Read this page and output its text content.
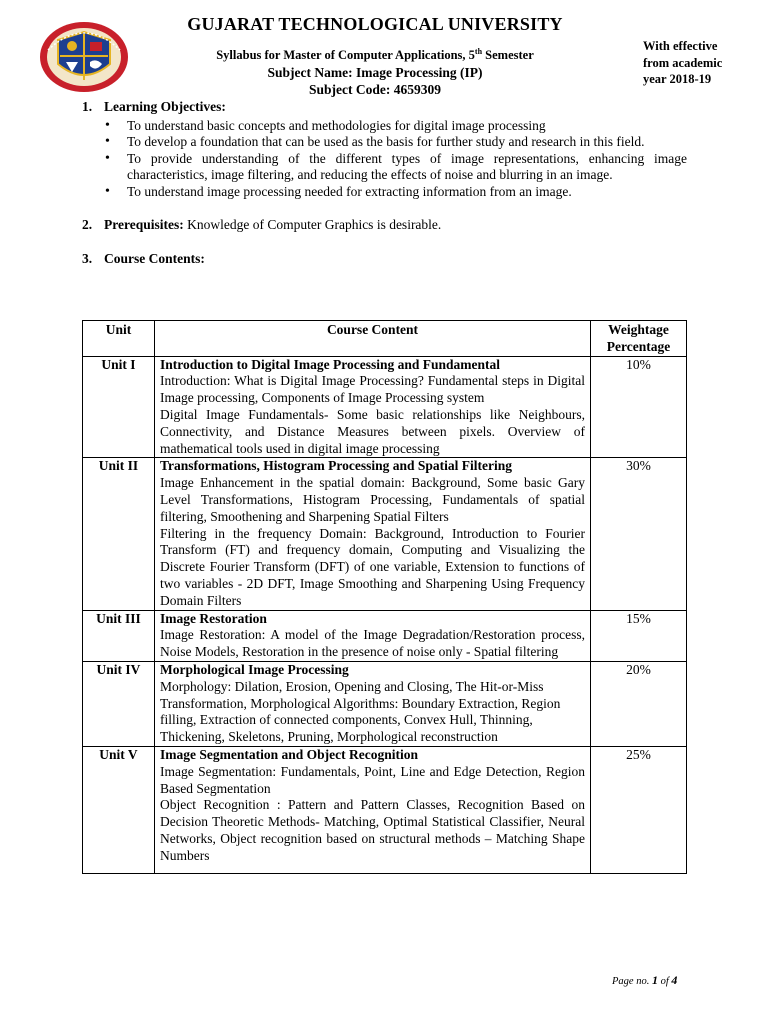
GUJARAT TECHNOLOGICAL UNIVERSITY
Syllabus for Master of Computer Applications, 5th Semester
Subject Name: Image Processing (IP)
Subject Code: 4659309
With effective
from academic
year 2018-19
1. Learning Objectives:
• To understand basic concepts and methodologies for digital image processing
• To develop a foundation that can be used as the basis for further study and research in this field.
• To provide understanding of the different types of image representations, enhancing image characteristics, image filtering, and reducing the effects of noise and blurring in an image.
• To understand image processing needed for extracting information from an image.
2. Prerequisites: Knowledge of Computer Graphics is desirable.
3. Course Contents:
Unit	Course Content	Weightage Percentage
Unit I	Introduction to Digital Image Processing and Fundamental
Introduction: What is Digital Image Processing? Fundamental steps in Digital Image processing, Components of Image Processing system
Digital Image Fundamentals- Some basic relationships like Neighbours, Connectivity, and Distance Measures between pixels. Overview of mathematical tools used in digital image processing	10%
Unit II	Transformations, Histogram Processing and Spatial Filtering
Image Enhancement in the spatial domain: Background, Some basic Gary Level Transformations, Histogram Processing, Fundamentals of spatial filtering, Smoothening and Sharpening Spatial Filters
Filtering in the frequency Domain: Background, Introduction to Fourier Transform (FT) and frequency domain, Computing and Visualizing the Discrete Fourier Transform (DFT) of one variable, Extension to functions of two variables - 2D DFT, Image Smoothing and Sharpening Using Frequency Domain Filters	30%
Unit III	Image Restoration
Image Restoration: A model of the Image Degradation/Restoration process, Noise Models, Restoration in the presence of noise only - Spatial filtering	15%
Unit IV	Morphological Image Processing
Morphology: Dilation, Erosion, Opening and Closing, The Hit-or-Miss Transformation, Morphological Algorithms: Boundary Extraction, Region filling, Extraction of connected components, Convex Hull, Thinning, Thickening, Skeletons, Pruning, Morphological reconstruction	20%
Unit V	Image Segmentation and Object Recognition
Image Segmentation: Fundamentals, Point, Line and Edge Detection, Region Based Segmentation
Object Recognition : Pattern and Pattern Classes, Recognition Based on Decision Theoretic Methods- Matching, Optimal Statistical Classifier, Neural Networks, Object recognition based on structural methods – Matching Shape Numbers	25%
Page no. 1 of 4
